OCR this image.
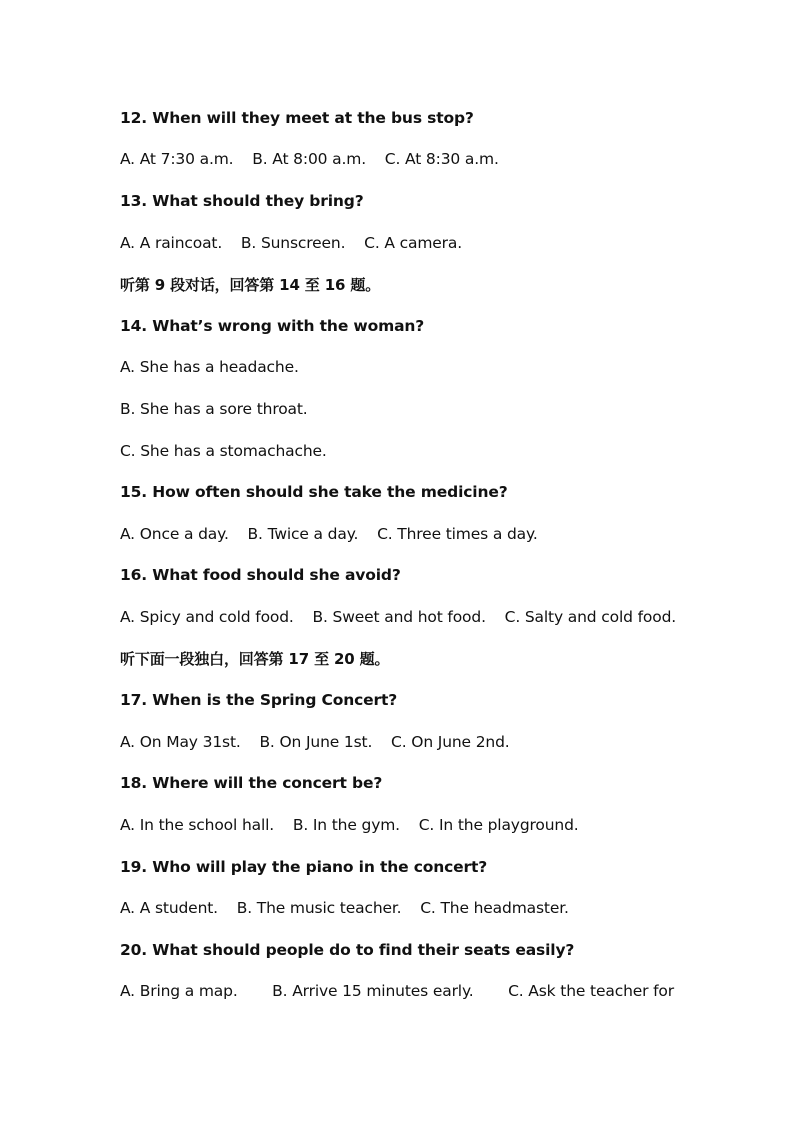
12. When will they meet at the bus stop?
A. At 7:30 a.m. B. At 8:00 a.m. C. At 8:30 a.m.
13. What should they bring?
A. A raincoat. B. Sunscreen. C. A camera.
听第 9 段对话，回答第 14 至 16 题。
14. What’s wrong with the woman?
A. She has a headache.
B. She has a sore throat.
C. She has a stomachache.
15. How often should she take the medicine?
A. Once a day. B. Twice a day. C. Three times a day.
16. What food should she avoid?
A. Spicy and cold food. B. Sweet and hot food. C. Salty and cold food.
听下面一段独白，回答第 17 至 20 题。
17. When is the Spring Concert?
A. On May 31st. B. On June 1st. C. On June 2nd.
18. Where will the concert be?
A. In the school hall. B. In the gym. C. In the playground.
19. Who will play the piano in the concert?
A. A student. B. The music teacher. C. The headmaster.
20. What should people do to find their seats easily?
A. Bring a map. B. Arrive 15 minutes early. C. Ask the teacher for
